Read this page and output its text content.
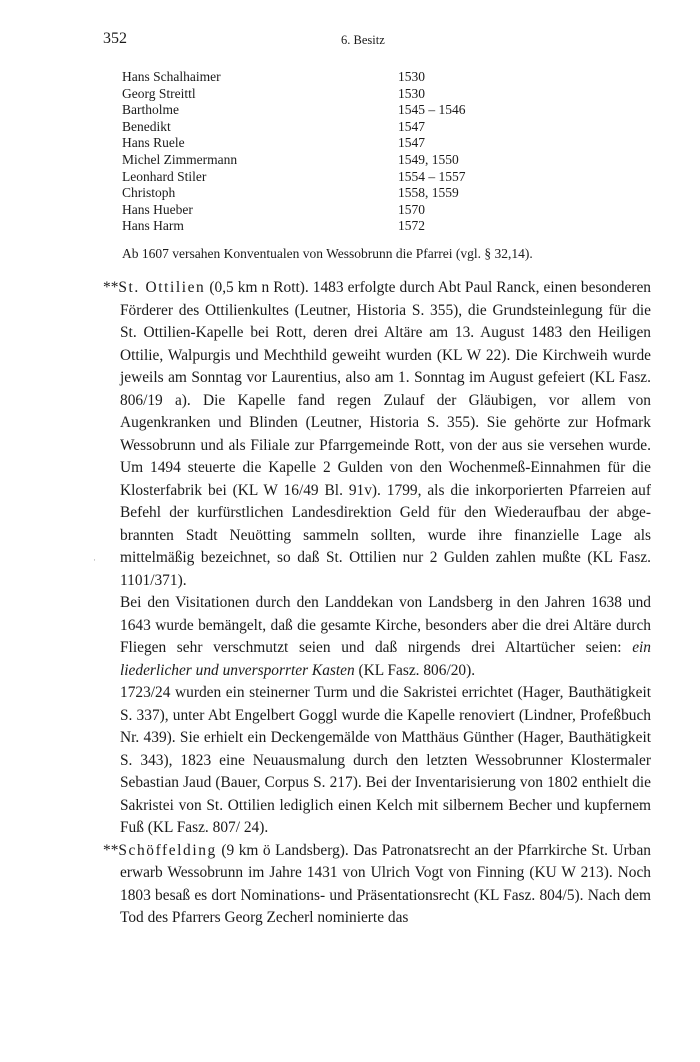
352	6. Besitz
Hans Schalhaimer	1530
Georg Streittl	1530
Bartholme	1545 – 1546
Benedikt	1547
Hans Ruele	1547
Michel Zimmermann	1549, 1550
Leonhard Stiler	1554 – 1557
Christoph	1558, 1559
Hans Hueber	1570
Hans Harm	1572
Ab 1607 versahen Konventualen von Wessobrunn die Pfarrei (vgl. § 32,14).
·

**St. Ottilien (0,5 km n Rott). 1483 erfolgte durch Abt Paul Ranck, einen besonderen Förderer des Ottilienkultes (Leutner, Historia S. 355), die Grundsteinlegung für die St. Ottilien-Kapelle bei Rott, deren drei Altäre am 13. August 1483 den Heiligen Ottilie, Walpurgis und Mechthild geweiht wurden (KL W 22). Die Kirchweih wurde jeweils am Sonntag vor Laurentius, also am 1. Sonntag im August gefeiert (KL Fasz. 806/19 a). Die Kapelle fand regen Zulauf der Gläubigen, vor allem von Augenkranken und Blinden (Leutner, Historia S. 355). Sie gehörte zur Hofmark Wessobrunn und als Filiale zur Pfarrgemeinde Rott, von der aus sie versehen wurde. Um 1494 steuerte die Kapelle 2 Gulden von den Wochenmeß-Einnahmen für die Klosterfabrik bei (KL W 16/49 Bl. 91v). 1799, als die inkorporierten Pfarreien auf Befehl der kurfürstlichen Landesdirektion Geld für den Wiederaufbau der abgebrannten Stadt Neuötting sammeln sollten, wurde ihre finanzielle Lage als mittelmäßig bezeichnet, so daß St. Ottilien nur 2 Gulden zahlen mußte (KL Fasz. 1101/371).

Bei den Visitationen durch den Landdekan von Landsberg in den Jahren 1638 und 1643 wurde bemängelt, daß die gesamte Kirche, besonders aber die drei Altäre durch Fliegen sehr verschmutzt seien und daß nirgends drei Altartücher seien: ein liederlicher und unversporrter Kasten (KL Fasz. 806/20).

1723/24 wurden ein steinerner Turm und die Sakristei errichtet (Hager, Bauthätigkeit S. 337), unter Abt Engelbert Goggl wurde die Kapelle renoviert (Lindner, Profeßbuch Nr. 439). Sie erhielt ein Deckengemälde von Matthäus Günther (Hager, Bauthätigkeit S. 343), 1823 eine Neuausmalung durch den letzten Wessobrunner Klostermaler Sebastian Jaud (Bauer, Corpus S. 217). Bei der Inventarisierung von 1802 enthielt die Sakristei von St. Ottilien lediglich einen Kelch mit silbernem Becher und kupfernem Fuß (KL Fasz. 807/ 24).

**Schöffelding (9 km ö Landsberg). Das Patronatsrecht an der Pfarrkirche St. Urban erwarb Wessobrunn im Jahre 1431 von Ulrich Vogt von Finning (KU W 213). Noch 1803 besaß es dort Nominations- und Präsentationsrecht (KL Fasz. 804/5). Nach dem Tod des Pfarrers Georg Zecherl nominierte das
